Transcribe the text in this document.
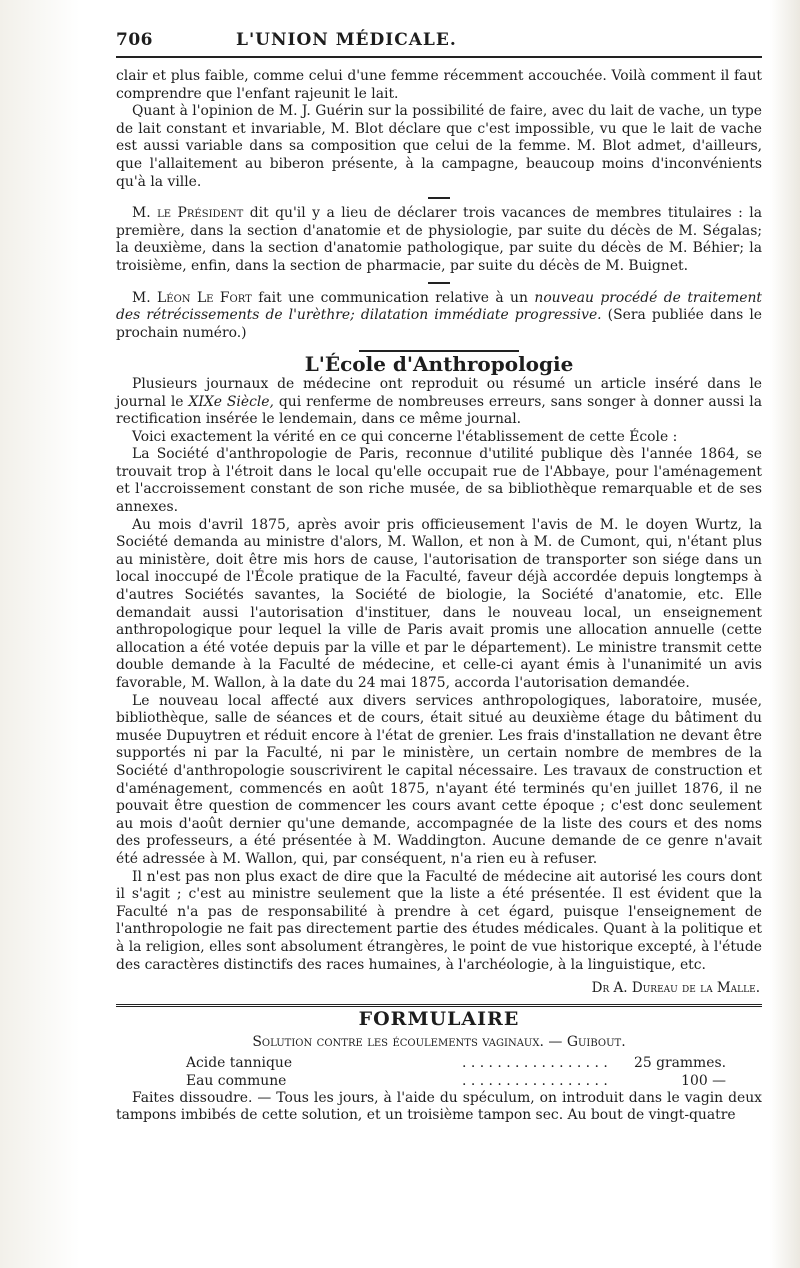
706	L'UNION MÉDICALE.

clair et plus faible, comme celui d'une femme récemment accouchée. Voilà comment il faut comprendre que l'enfant rajeunit le lait.

Quant à l'opinion de M. J. Guérin sur la possibilité de faire, avec du lait de vache, un type de lait constant et invariable, M. Blot déclare que c'est impossible, vu que le lait de vache est aussi variable dans sa composition que celui de la femme. M. Blot admet, d'ailleurs, que l'allaitement au biberon présente, à la campagne, beaucoup moins d'inconvénients qu'à la ville.

M. le Président dit qu'il y a lieu de déclarer trois vacances de membres titulaires : la première, dans la section d'anatomie et de physiologie, par suite du décès de M. Ségalas; la deuxième, dans la section d'anatomie pathologique, par suite du décès de M. Béhier; la troisième, enfin, dans la section de pharmacie, par suite du décès de M. Buignet.

M. Léon Le Fort fait une communication relative à un nouveau procédé de traitement des rétrécissements de l'urèthre; dilatation immédiate progressive. (Sera publiée dans le prochain numéro.)

L'École d'Anthropologie

Plusieurs journaux de médecine ont reproduit ou résumé un article inséré dans le journal le XIXe Siècle, qui renferme de nombreuses erreurs, sans songer à donner aussi la rectification insérée le lendemain, dans ce même journal.

Voici exactement la vérité en ce qui concerne l'établissement de cette École :

La Société d'anthropologie de Paris, reconnue d'utilité publique dès l'année 1864, se trouvait trop à l'étroit dans le local qu'elle occupait rue de l'Abbaye, pour l'aménagement et l'accroissement constant de son riche musée, de sa bibliothèque remarquable et de ses annexes.

Au mois d'avril 1875, après avoir pris officieusement l'avis de M. le doyen Wurtz, la Société demanda au ministre d'alors, M. Wallon, et non à M. de Cumont, qui, n'étant plus au ministère, doit être mis hors de cause, l'autorisation de transporter son siége dans un local inoccupé de l'École pratique de la Faculté, faveur déjà accordée depuis longtemps à d'autres Sociétés savantes, la Société de biologie, la Société d'anatomie, etc. Elle demandait aussi l'autorisation d'instituer, dans le nouveau local, un enseignement anthropologique pour lequel la ville de Paris avait promis une allocation annuelle (cette allocation a été votée depuis par la ville et par le département). Le ministre transmit cette double demande à la Faculté de médecine, et celle-ci ayant émis à l'unanimité un avis favorable, M. Wallon, à la date du 24 mai 1875, accorda l'autorisation demandée.

Le nouveau local affecté aux divers services anthropologiques, laboratoire, musée, bibliothèque, salle de séances et de cours, était situé au deuxième étage du bâtiment du musée Dupuytren et réduit encore à l'état de grenier. Les frais d'installation ne devant être supportés ni par la Faculté, ni par le ministère, un certain nombre de membres de la Société d'anthropologie souscrivirent le capital nécessaire. Les travaux de construction et d'aménagement, commencés en août 1875, n'ayant été terminés qu'en juillet 1876, il ne pouvait être question de commencer les cours avant cette époque ; c'est donc seulement au mois d'août dernier qu'une demande, accompagnée de la liste des cours et des noms des professeurs, a été présentée à M. Waddington. Aucune demande de ce genre n'avait été adressée à M. Wallon, qui, par conséquent, n'a rien eu à refuser.

Il n'est pas non plus exact de dire que la Faculté de médecine ait autorisé les cours dont il s'agit ; c'est au ministre seulement que la liste a été présentée. Il est évident que la Faculté n'a pas de responsabilité à prendre à cet égard, puisque l'enseignement de l'anthropologie ne fait pas directement partie des études médicales. Quant à la politique et à la religion, elles sont absolument étrangères, le point de vue historique excepté, à l'étude des caractères distinctifs des races humaines, à l'archéologie, à la linguistique, etc.

Dr A. Dureau de la Malle.
FORMULAIRE
Solution contre les écoulements vaginaux. — Guibout.
Acide tannique	. . . . . . . . . . . . . . . . .	25 grammes.
Eau commune	. . . . . . . . . . . . . . . . .	100 —

Faites dissoudre. — Tous les jours, à l'aide du spéculum, on introduit dans le vagin deux tampons imbibés de cette solution, et un troisième tampon sec. Au bout de vingt-quatre
